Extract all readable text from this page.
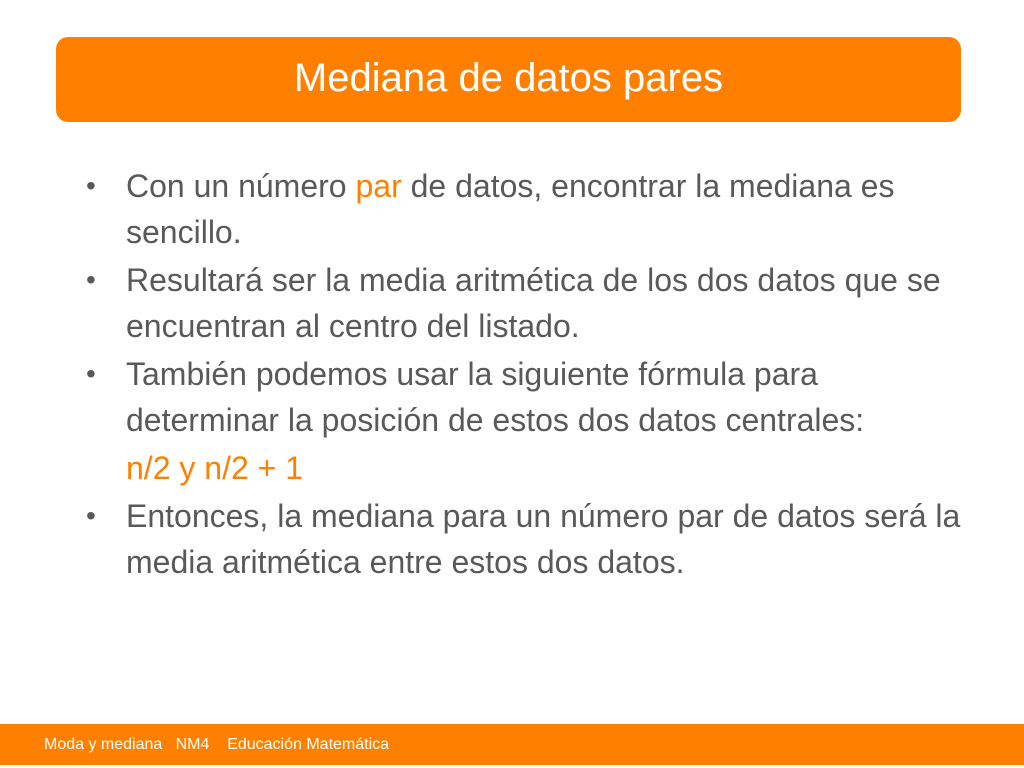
Mediana de datos pares
• Con un número par de datos, encontrar la mediana es sencillo.
• Resultará ser la media aritmética de los dos datos que se encuentran al centro del listado.
• También podemos usar la siguiente fórmula para determinar la posición de estos dos datos centrales:
n/2 y n/2 + 1
• Entonces, la mediana para un número par de datos será la media aritmética entre estos dos datos.
Moda y mediana   NM4    Educación Matemática
